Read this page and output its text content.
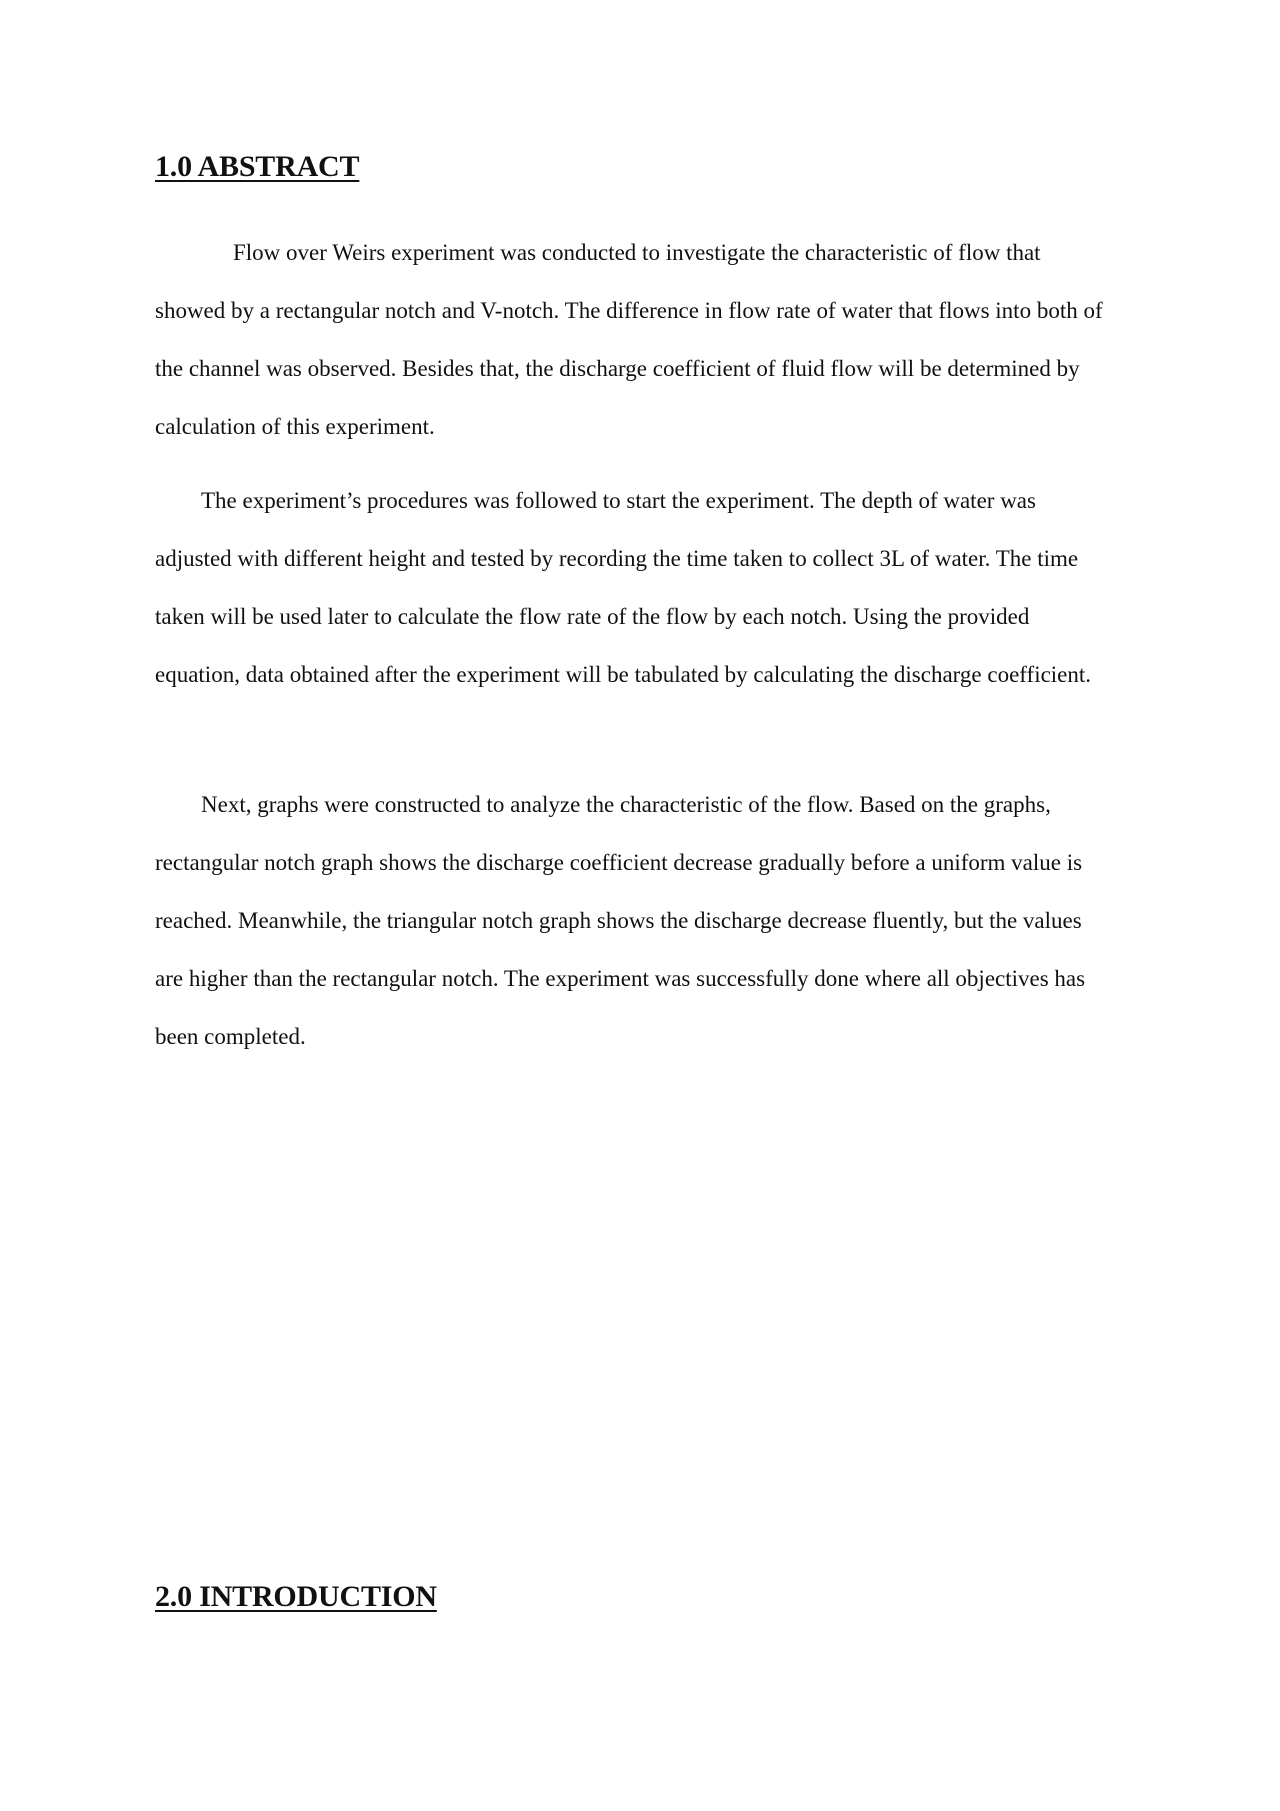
1.0 ABSTRACT

Flow over Weirs experiment was conducted to investigate the characteristic of flow that showed by a rectangular notch and V-notch. The difference in flow rate of water that flows into both of the channel was observed. Besides that, the discharge coefficient of fluid flow will be determined by calculation of this experiment.

The experiment’s procedures was followed to start the experiment. The depth of water was adjusted with different height and tested by recording the time taken to collect 3L of water. The time taken will be used later to calculate the flow rate of the flow by each notch. Using the provided equation, data obtained after the experiment will be tabulated by calculating the discharge coefficient.

Next, graphs were constructed to analyze the characteristic of the flow. Based on the graphs, rectangular notch graph shows the discharge coefficient decrease gradually before a uniform value is reached. Meanwhile, the triangular notch graph shows the discharge decrease fluently, but the values are higher than the rectangular notch. The experiment was successfully done where all objectives has been completed.

2.0 INTRODUCTION
